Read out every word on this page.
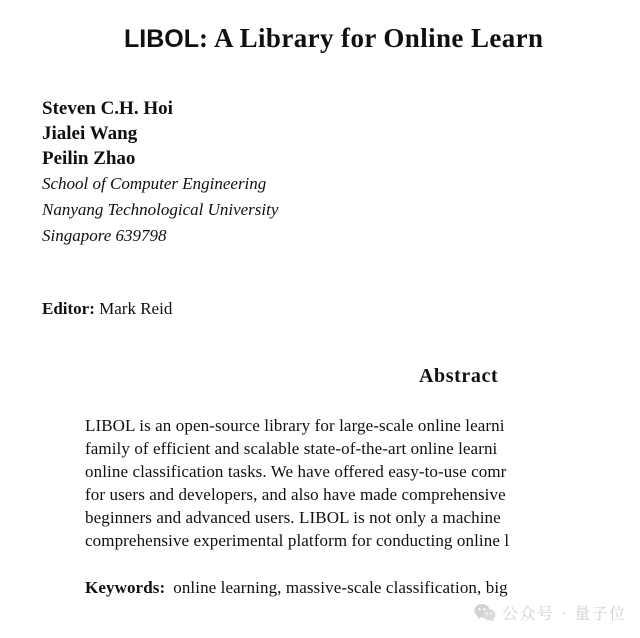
LIBOL: A Library for Online Learn
Steven C.H. Hoi
Jialei Wang
Peilin Zhao
School of Computer Engineering
Nanyang Technological University
Singapore 639798
Editor: Mark Reid
Abstract
LIBOL is an open-source library for large-scale online learni
family of efficient and scalable state-of-the-art online learni
online classification tasks. We have offered easy-to-use comr
for users and developers, and also have made comprehensive
beginners and advanced users. LIBOL is not only a machine
comprehensive experimental platform for conducting online l
Keywords: online learning, massive-scale classification, big
公众号 · 量子位
